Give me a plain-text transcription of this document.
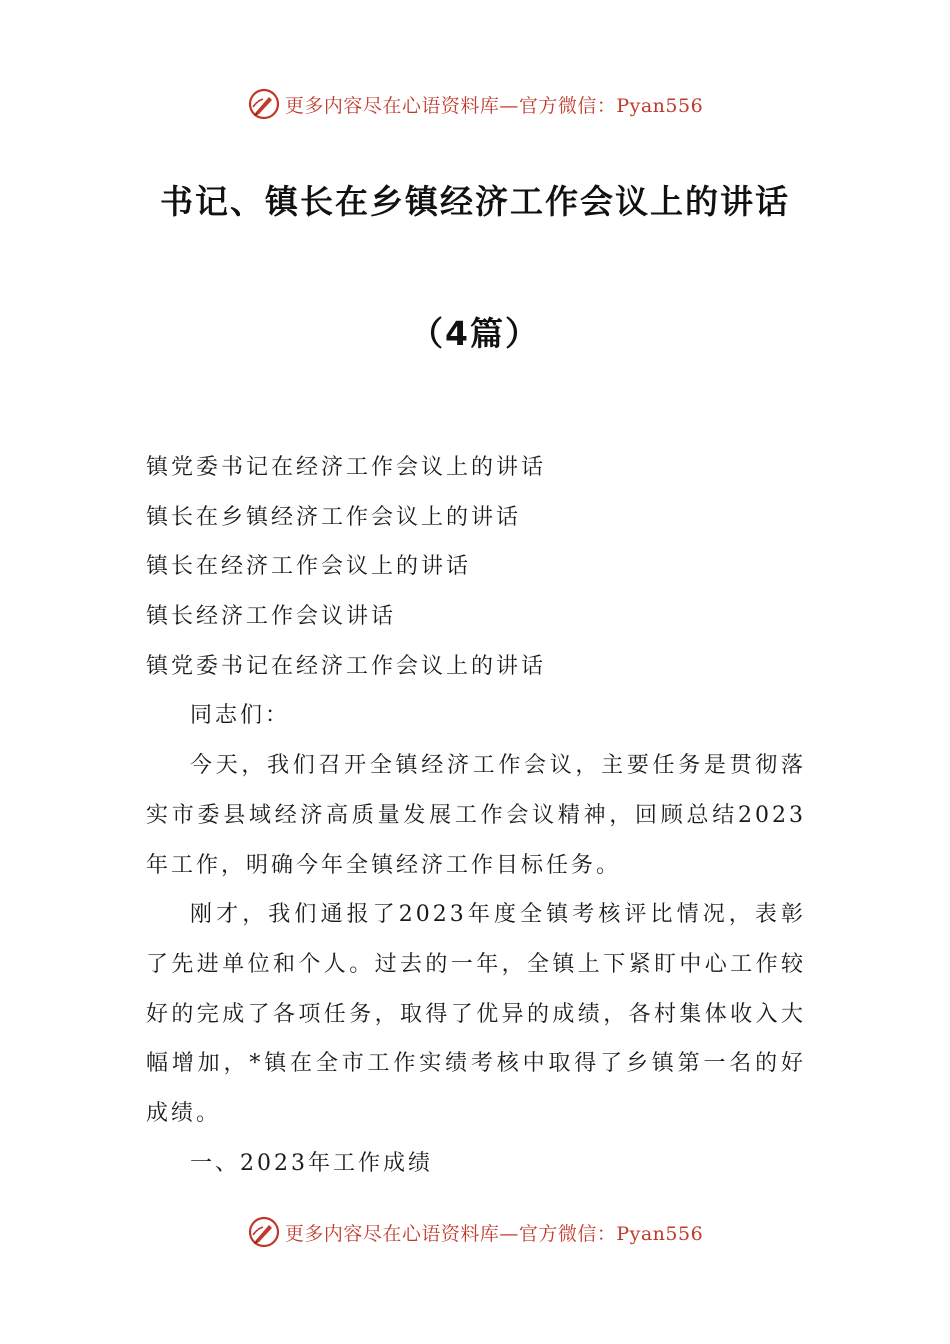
更多内容尽在心语资料库—官方微信：Pyan556
书记、镇长在乡镇经济工作会议上的讲话
（4篇）
镇党委书记在经济工作会议上的讲话
镇长在乡镇经济工作会议上的讲话
镇长在经济工作会议上的讲话
镇长经济工作会议讲话
镇党委书记在经济工作会议上的讲话
同志们：

今天，我们召开全镇经济工作会议，主要任务是贯彻落实市委县域经济高质量发展工作会议精神，回顾总结2023年工作，明确今年全镇经济工作目标任务。

刚才，我们通报了2023年度全镇考核评比情况，表彰了先进单位和个人。过去的一年，全镇上下紧盯中心工作较好的完成了各项任务，取得了优异的成绩，各村集体收入大幅增加，*镇在全市工作实绩考核中取得了乡镇第一名的好成绩。

一、2023年工作成绩
更多内容尽在心语资料库—官方微信：Pyan556
